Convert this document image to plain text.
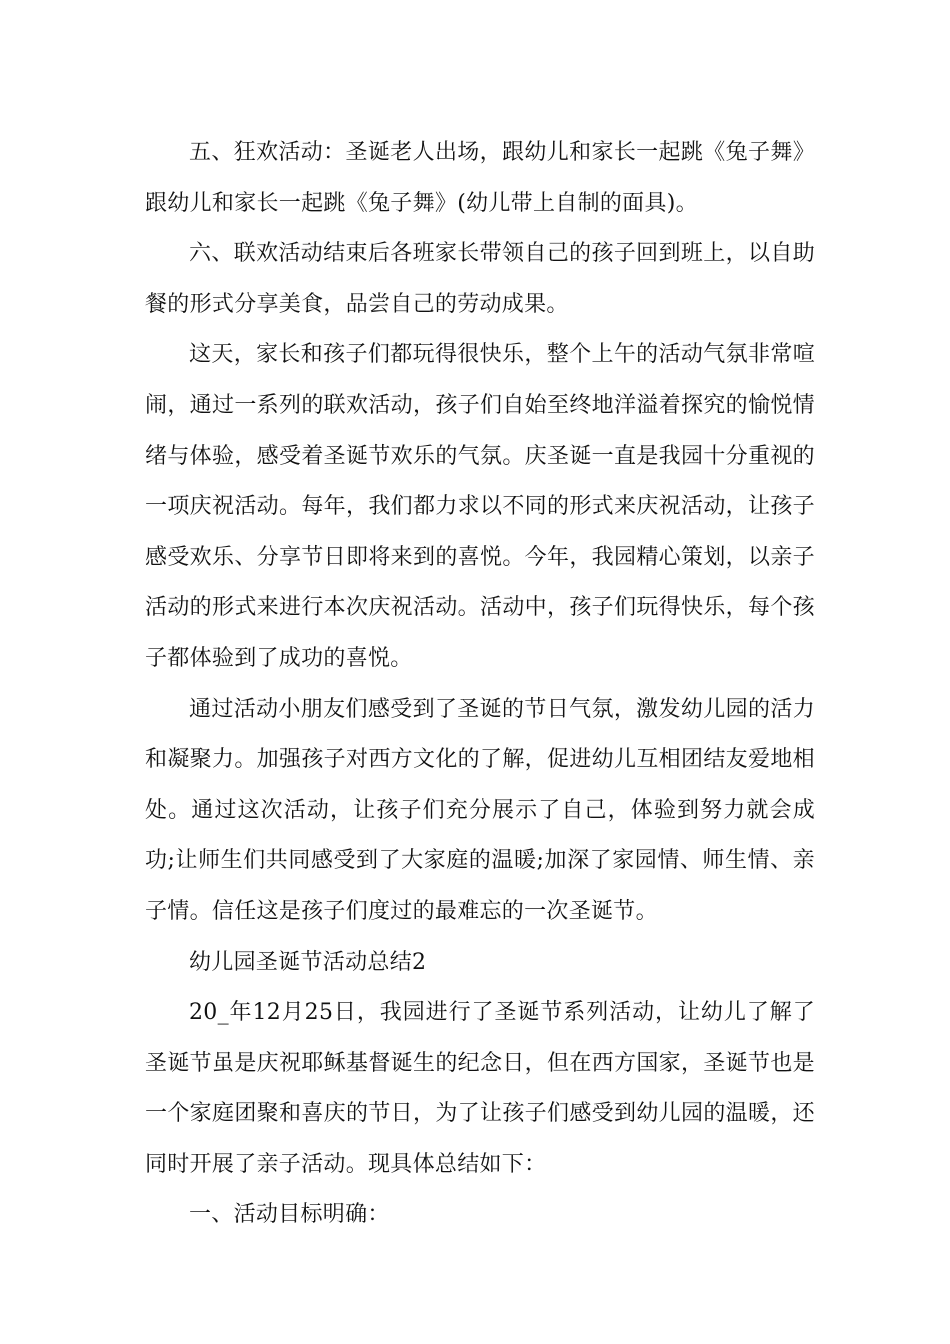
五、狂欢活动：圣诞老人出场，跟幼儿和家长一起跳《兔子舞》跟幼儿和家长一起跳《兔子舞》(幼儿带上自制的面具)。

六、联欢活动结束后各班家长带领自己的孩子回到班上，以自助餐的形式分享美食，品尝自己的劳动成果。

这天，家长和孩子们都玩得很快乐，整个上午的活动气氛非常喧闹，通过一系列的联欢活动，孩子们自始至终地洋溢着探究的愉悦情绪与体验，感受着圣诞节欢乐的气氛。庆圣诞一直是我园十分重视的一项庆祝活动。每年，我们都力求以不同的形式来庆祝活动，让孩子感受欢乐、分享节日即将来到的喜悦。今年，我园精心策划，以亲子活动的形式来进行本次庆祝活动。活动中，孩子们玩得快乐，每个孩子都体验到了成功的喜悦。

通过活动小朋友们感受到了圣诞的节日气氛，激发幼儿园的活力和凝聚力。加强孩子对西方文化的了解，促进幼儿互相团结友爱地相处。通过这次活动，让孩子们充分展示了自己，体验到努力就会成功;让师生们共同感受到了大家庭的温暖;加深了家园情、师生情、亲子情。信任这是孩子们度过的最难忘的一次圣诞节。

幼儿园圣诞节活动总结2

20_年12月25日，我园进行了圣诞节系列活动，让幼儿了解了圣诞节虽是庆祝耶稣基督诞生的纪念日，但在西方国家，圣诞节也是一个家庭团聚和喜庆的节日，为了让孩子们感受到幼儿园的温暖，还同时开展了亲子活动。现具体总结如下：

一、活动目标明确：
